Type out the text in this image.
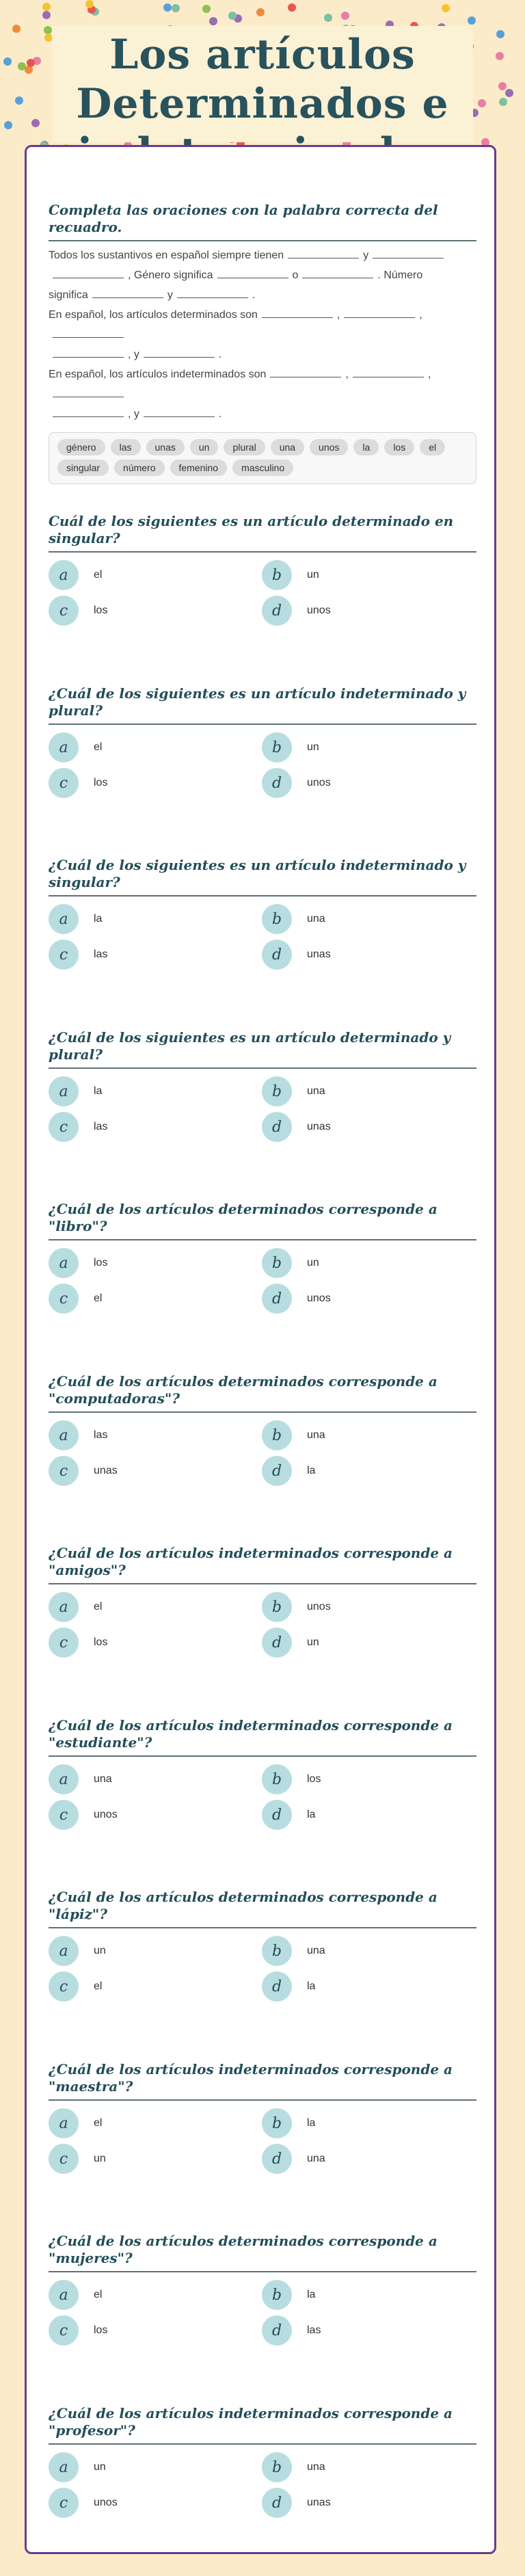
Los artículos Determinados e
Completa las oraciones con la palabra correcta del recuadro.

Todos los sustantivos en español siempre tienen	y

, Género significa	o	. Número

significa	y	.

En español, los artículos determinados son	,	,

, y	.

En español, los artículos indeterminados son	,	,

, y	.

género	las	unas	un	plural	una	unos	la	los	el
singular	número	femenino	masculino
Cuál de los siguientes es un artículo determinado en singular?
a	el	b	un
c	los	d	unos
¿Cuál de los siguientes es un artículo indeterminado y plural?
a	el	b	un
c	los	d	unos
¿Cuál de los siguientes es un artículo indeterminado y singular?
a	la	b	una
c	las	d	unas
¿Cuál de los siguientes es un artículo determinado y plural?
a	la	b	una
c	las	d	unas
¿Cuál de los artículos determinados corresponde a "libro"?
a	los	b	un
c	el	d	unos
¿Cuál de los artículos determinados corresponde a "computadoras"?
a	las	b	una
c	unas	d	la
¿Cuál de los artículos indeterminados corresponde a "amigos"?
a	el	b	unos
c	los	d	un
¿Cuál de los artículos indeterminados corresponde a "estudiante"?
a	una	b	los
c	unos	d	la
¿Cuál de los artículos determinados corresponde a "lápiz"?
a	un	b	una
c	el	d	la
¿Cuál de los artículos indeterminados corresponde a "maestra"?
a	el	b	la
c	un	d	una
¿Cuál de los artículos determinados corresponde a "mujeres"?
a	el	b	la
c	los	d	las
¿Cuál de los artículos indeterminados corresponde a "profesor"?
a	un	b	una
c	unos	d	unas
